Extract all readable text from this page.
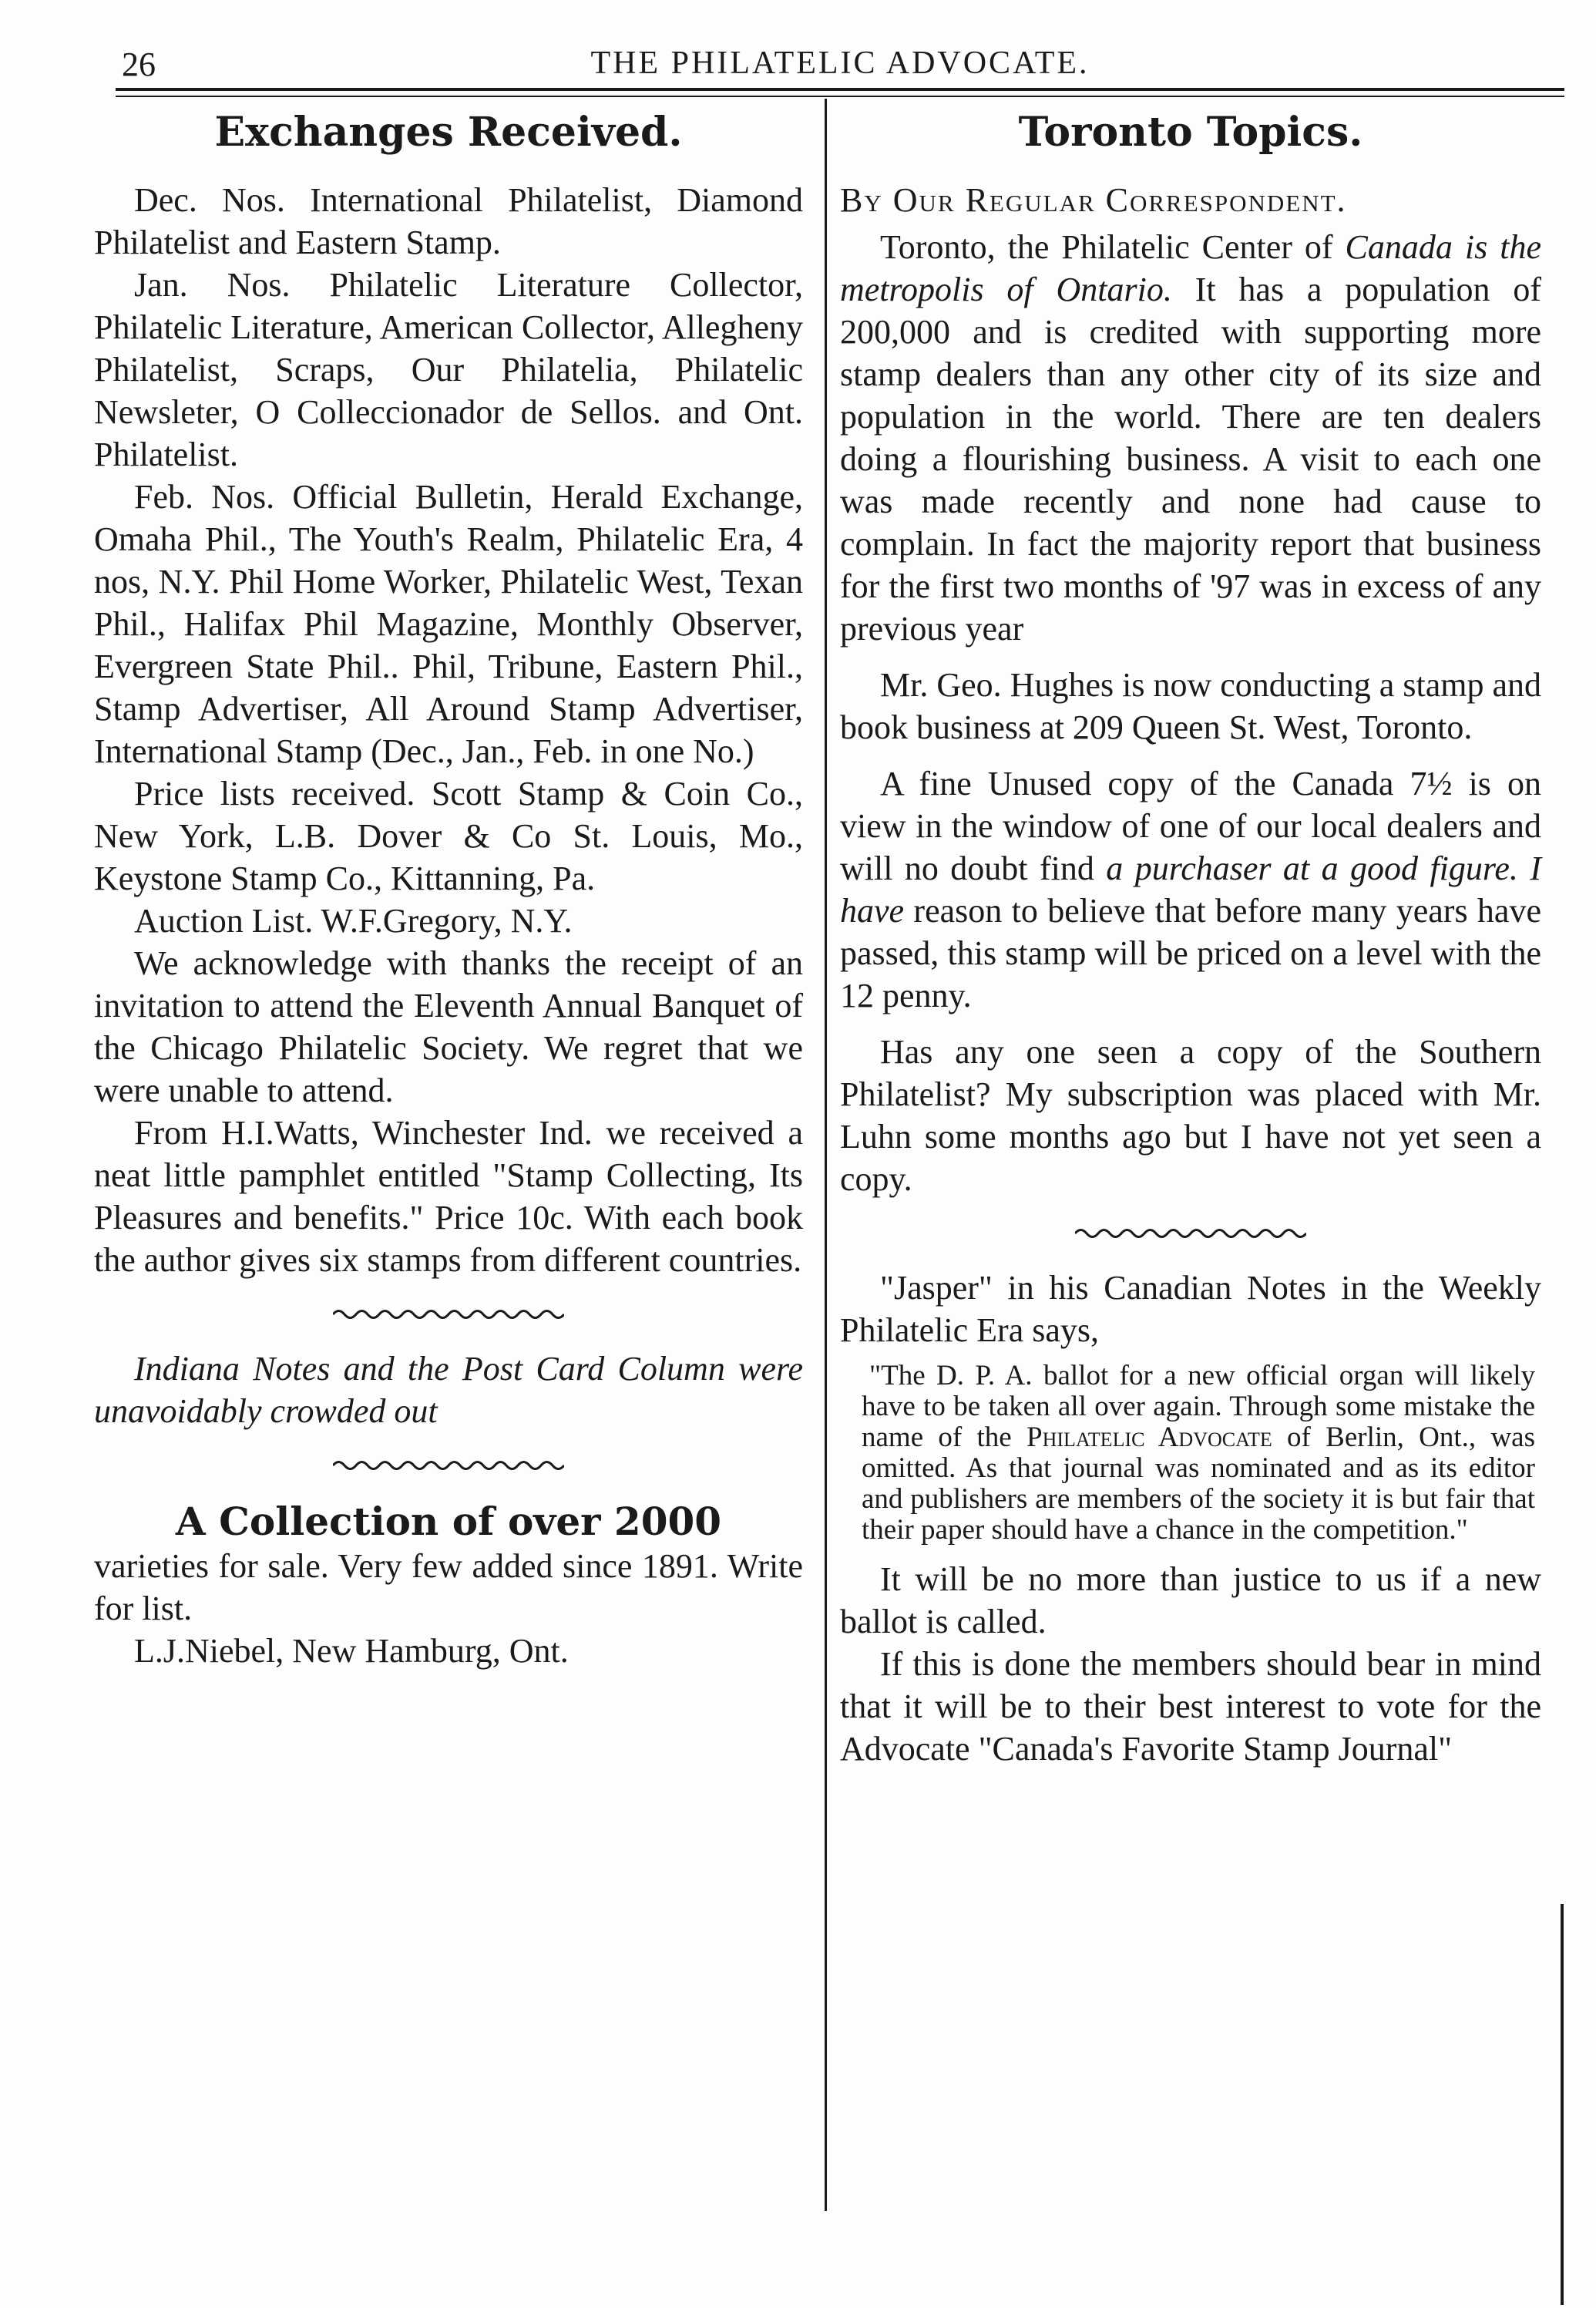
26	THE PHILATELIC ADVOCATE.
Exchanges Received.

Dec. Nos. International Philatelist, Diamond Philatelist and Eastern Stamp.

Jan. Nos. Philatelic Literature Collector, Philatelic Literature, American Collector, Allegheny Philatelist, Scraps, Our Philatelia, Philatelic Newsleter, O Colleccionador de Sellos. and Ont. Philatelist.

Feb. Nos. Official Bulletin, Herald Exchange, Omaha Phil., The Youth's Realm, Philatelic Era, 4 nos, N.Y. Phil Home Worker, Philatelic West, Texan Phil., Halifax Phil Magazine, Monthly Observer, Evergreen State Phil.. Phil, Tribune, Eastern Phil., Stamp Advertiser, All Around Stamp Advertiser, International Stamp (Dec., Jan., Feb. in one No.)

Price lists received. Scott Stamp & Coin Co., New York, L.B. Dover & Co St. Louis, Mo., Keystone Stamp Co., Kittanning, Pa.

Auction List. W.F.Gregory, N.Y.

We acknowledge with thanks the receipt of an invitation to attend the Eleventh Annual Banquet of the Chicago Philatelic Society. We regret that we were unable to attend.

From H.I.Watts, Winchester Ind. we received a neat little pamphlet entitled "Stamp Collecting, Its Pleasures and benefits." Price 10c. With each book the author gives six stamps from different countries.

Indiana Notes and the Post Card Column were unavoidably crowded out

A Collection of over 2000

varieties for sale. Very few added since 1891. Write for list.

L.J.Niebel, New Hamburg, Ont.

Toronto Topics.
By Our Regular Correspondent.

Toronto, the Philatelic Center of Canada is the metropolis of Ontario. It has a population of 200,000 and is credited with supporting more stamp dealers than any other city of its size and population in the world. There are ten dealers doing a flourishing business. A visit to each one was made recently and none had cause to complain. In fact the majority report that business for the first two months of '97 was in excess of any previous year

Mr. Geo. Hughes is now conducting a stamp and book business at 209 Queen St. West, Toronto.

A fine Unused copy of the Canada 7½ is on view in the window of one of our local dealers and will no doubt find a purchaser at a good figure. I have reason to believe that before many years have passed, this stamp will be priced on a level with the 12 penny.

Has any one seen a copy of the Southern Philatelist? My subscription was placed with Mr. Luhn some months ago but I have not yet seen a copy.

"Jasper" in his Canadian Notes in the Weekly Philatelic Era says,

"The D. P. A. ballot for a new official organ will likely have to be taken all over again. Through some mistake the name of the Philatelic Advocate of Berlin, Ont., was omitted. As that journal was nominated and as its editor and publishers are members of the society it is but fair that their paper should have a chance in the competition."

It will be no more than justice to us if a new ballot is called.

If this is done the members should bear in mind that it will be to their best interest to vote for the Advocate "Canada's Favorite Stamp Journal"
